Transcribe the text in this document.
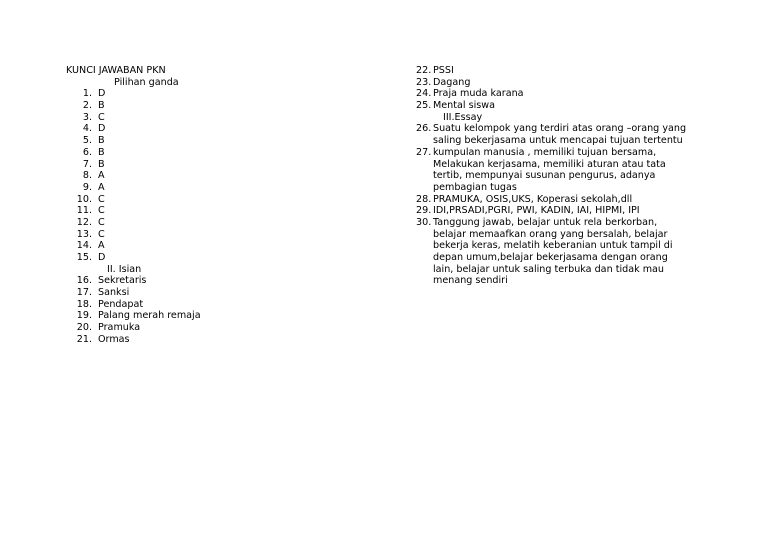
KUNCI JAWABAN PKN
Pilihan ganda
1. D
2. B
3. C
4. D
5. B
6. B
7. B
8. A
9. A
10. C
11. C
12. C
13. C
14. A
15. D
II. Isian
16. Sekretaris
17. Sanksi
18. Pendapat
19. Palang merah remaja
20. Pramuka
21. Ormas
22. PSSI
23. Dagang
24. Praja muda karana
25. Mental siswa
III.Essay
26. Suatu kelompok yang terdiri atas orang –orang yang
saling bekerjasama untuk mencapai tujuan tertentu
27. kumpulan manusia , memiliki tujuan bersama,
Melakukan kerjasama, memiliki aturan atau tata
tertib, mempunyai susunan pengurus, adanya
pembagian tugas
28. PRAMUKA, OSIS,UKS, Koperasi sekolah,dll
29. IDI,PRSADI,PGRI, PWI, KADIN, IAI, HIPMI, IPI
30. Tanggung jawab, belajar untuk rela berkorban,
belajar memaafkan orang yang bersalah, belajar
bekerja keras, melatih keberanian untuk tampil di
depan umum,belajar bekerjasama dengan orang
lain, belajar untuk saling terbuka dan tidak mau
menang sendiri
